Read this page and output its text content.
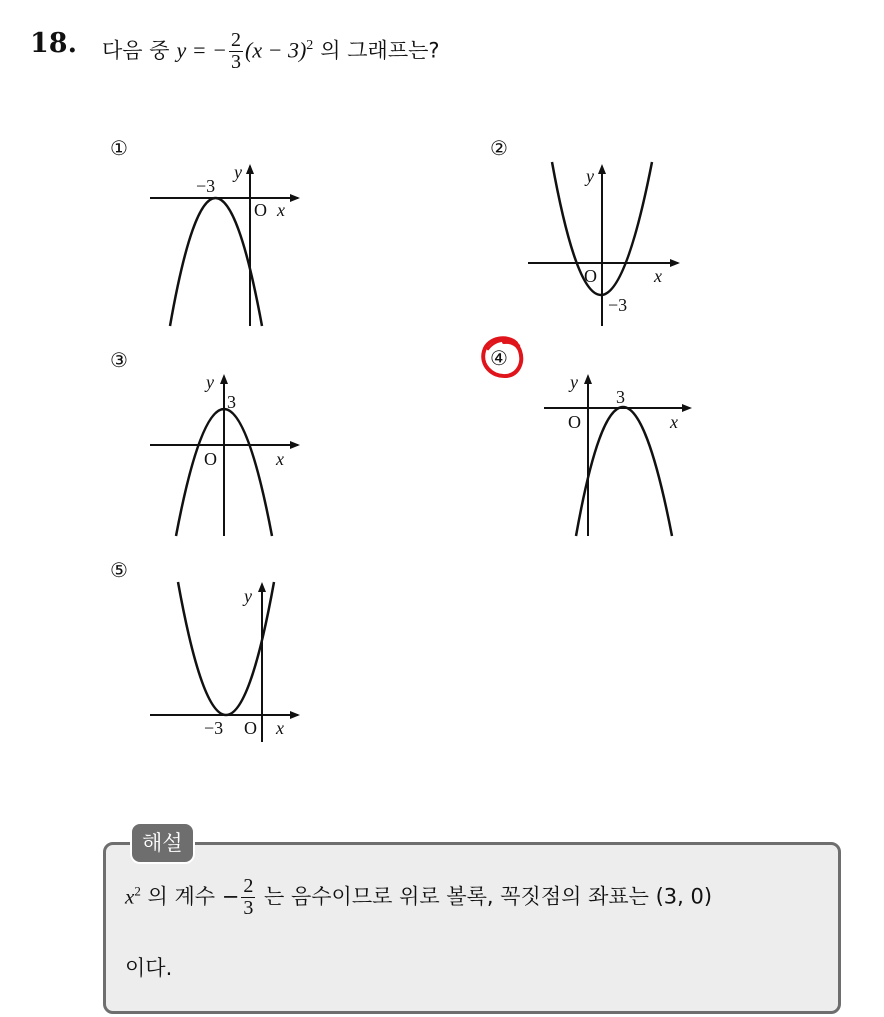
18. 다음 중 y = − $\frac{2}{3} (x - 3)^2$ 의 그래프는?
①
−3
O x
y
②
O
−3
x
y
③
3
O	x
y
④
3
O	x
y
⑤
−3 O x
y
해설
$x^2$ 의 계수 − $\frac{2}{3}$ 는 음수이므로 위로 볼록, 꼭짓점의 좌표는 (3, 0)
이다.
